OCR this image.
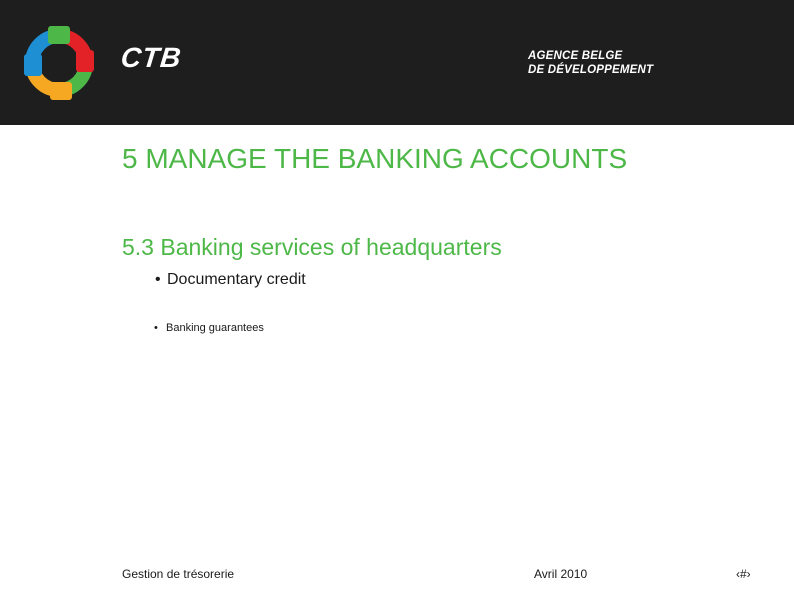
CTB	AGENCE BELGE
DE DÉVELOPPEMENT
5 MANAGE THE BANKING ACCOUNTS
5.3 Banking services of headquarters
• Documentary credit
• Banking guarantees
Gestion de trésorerie	Avril 2010	‹#›
